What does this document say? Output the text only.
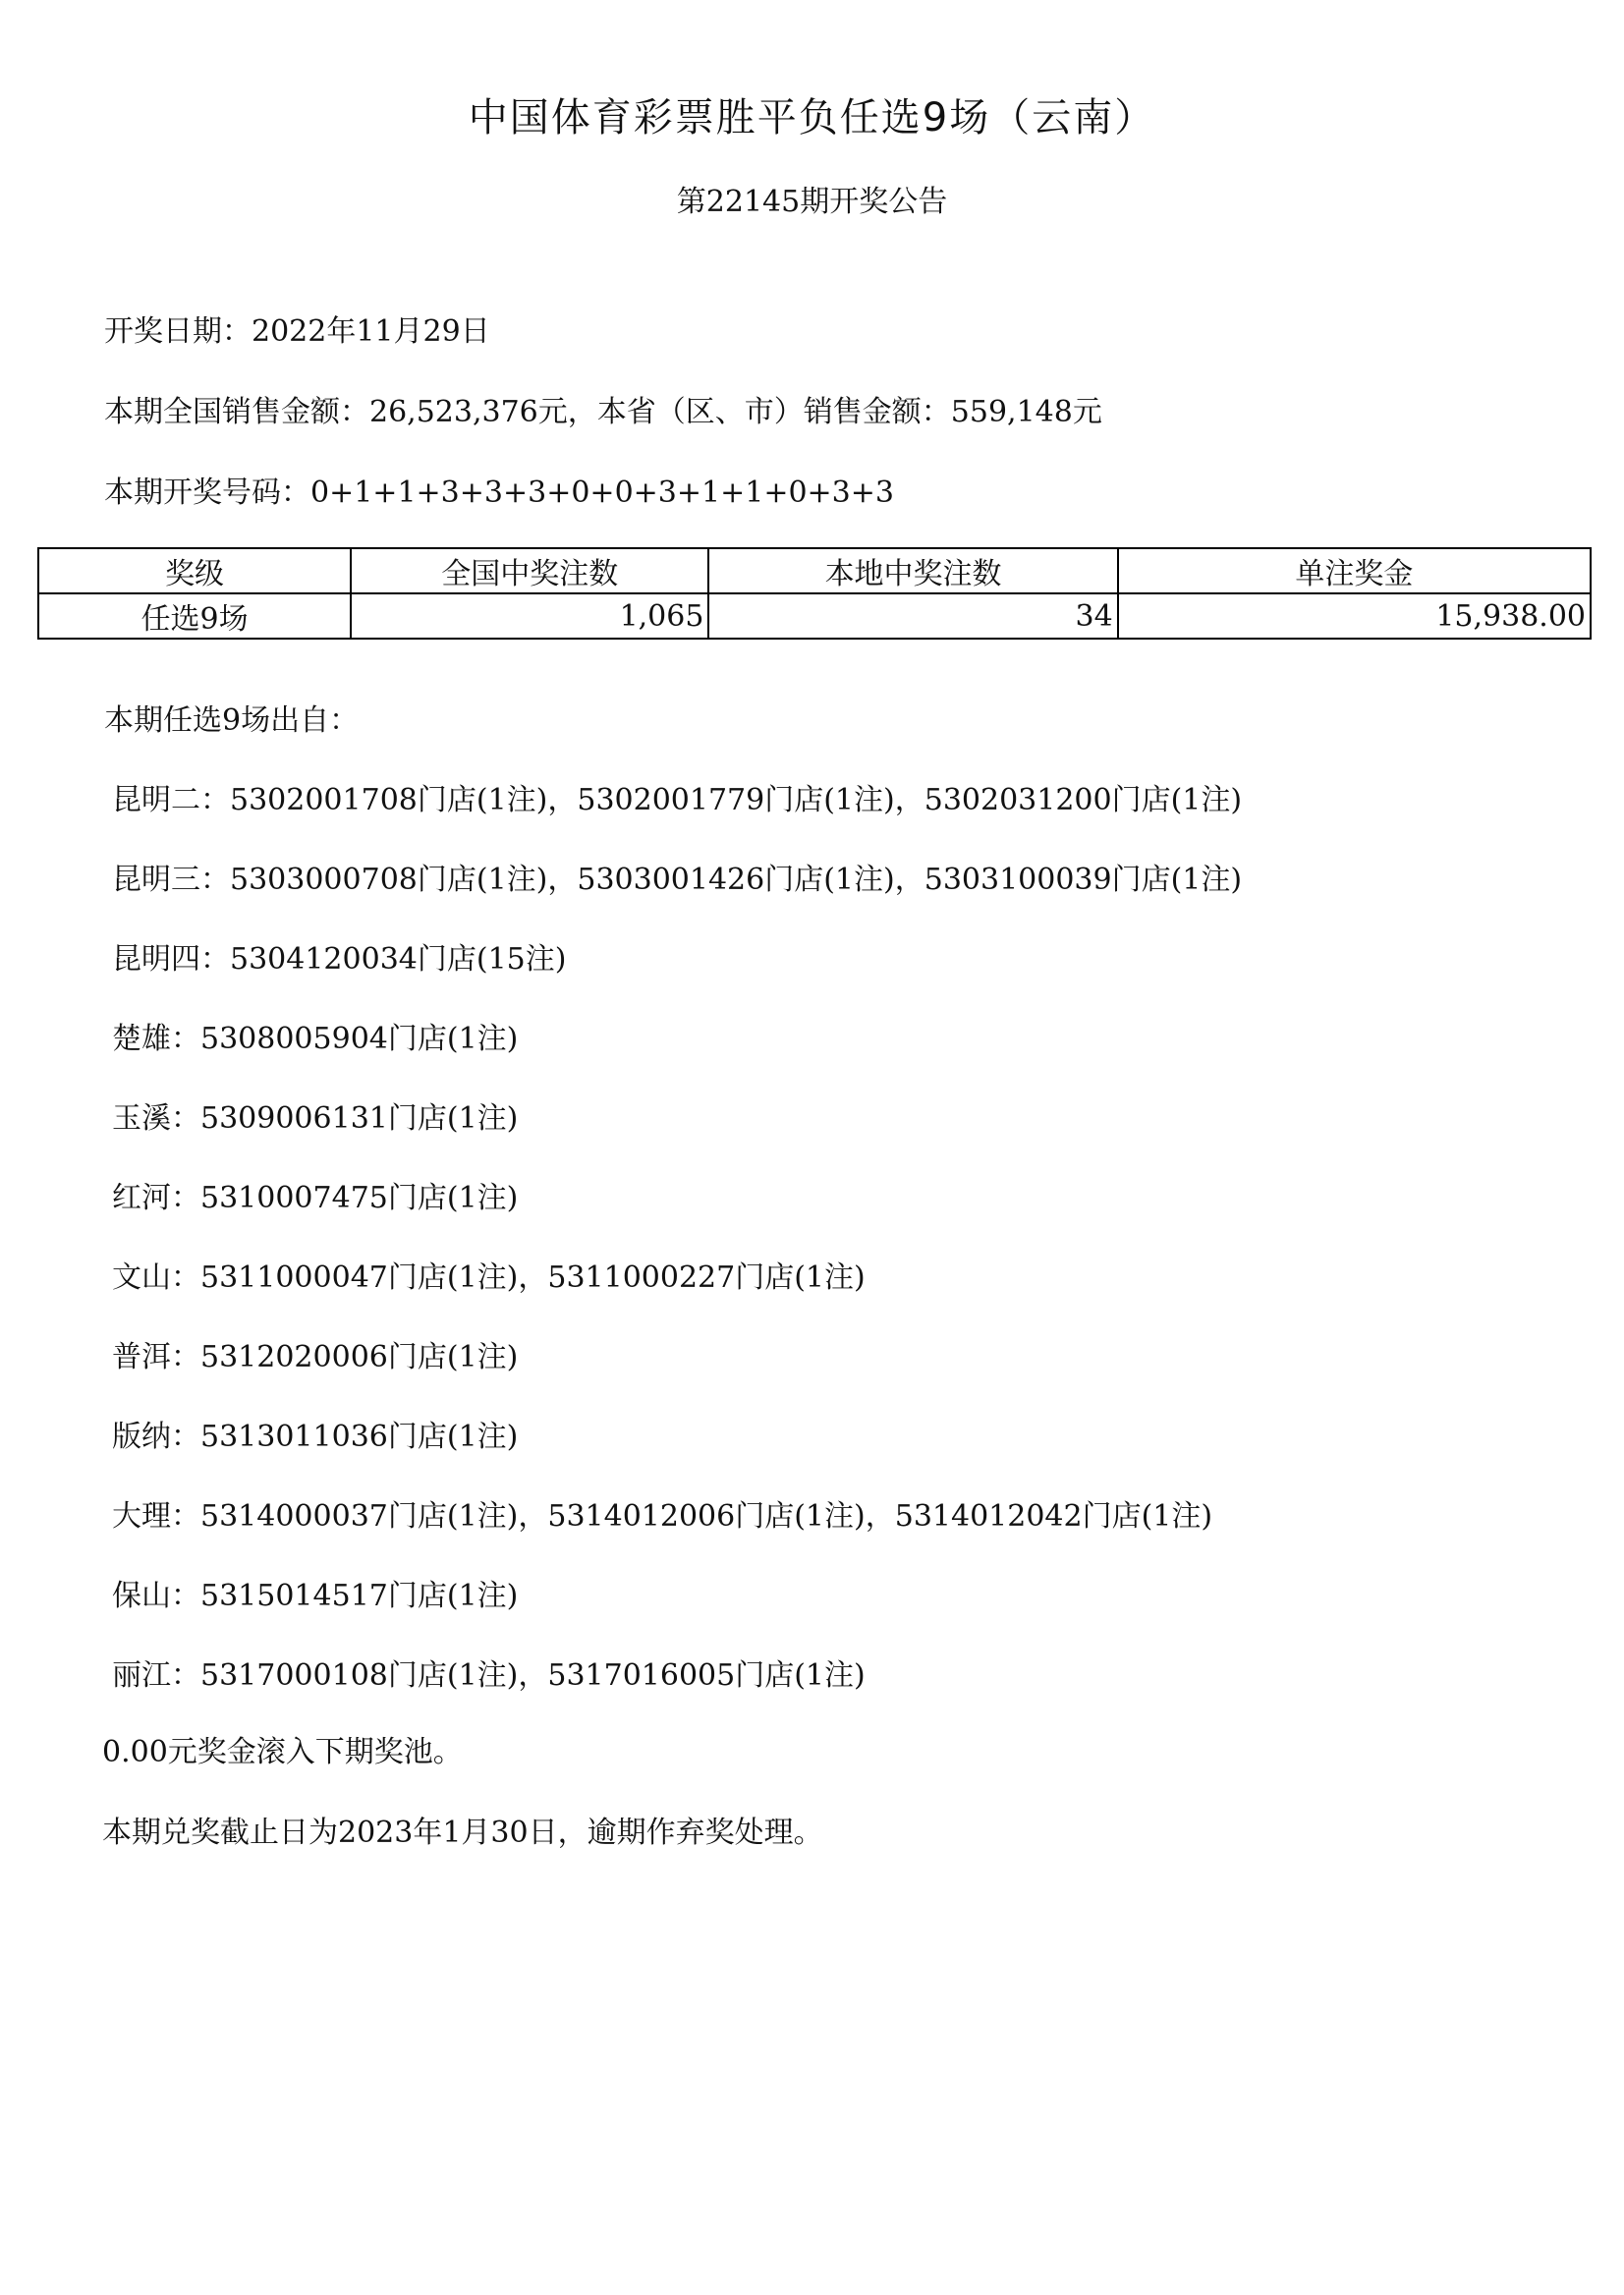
中国体育彩票胜平负任选9场（云南）
第22145期开奖公告
开奖日期：2022年11月29日
本期全国销售金额：26,523,376元，本省（区、市）销售金额：559,148元
本期开奖号码：0+1+1+3+3+3+0+0+3+1+1+0+3+3
奖级	全国中奖注数	本地中奖注数	单注奖金
任选9场	1,065	34	15,938.00
本期任选9场出自：
昆明二：5302001708门店(1注)，5302001779门店(1注)，5302031200门店(1注)
昆明三：5303000708门店(1注)，5303001426门店(1注)，5303100039门店(1注)
昆明四：5304120034门店(15注)
楚雄：5308005904门店(1注)
玉溪：5309006131门店(1注)
红河：5310007475门店(1注)
文山：5311000047门店(1注)，5311000227门店(1注)
普洱：5312020006门店(1注)
版纳：5313011036门店(1注)
大理：5314000037门店(1注)，5314012006门店(1注)，5314012042门店(1注)
保山：5315014517门店(1注)
丽江：5317000108门店(1注)，5317016005门店(1注)
0.00元奖金滚入下期奖池。
本期兑奖截止日为2023年1月30日，逾期作弃奖处理。
